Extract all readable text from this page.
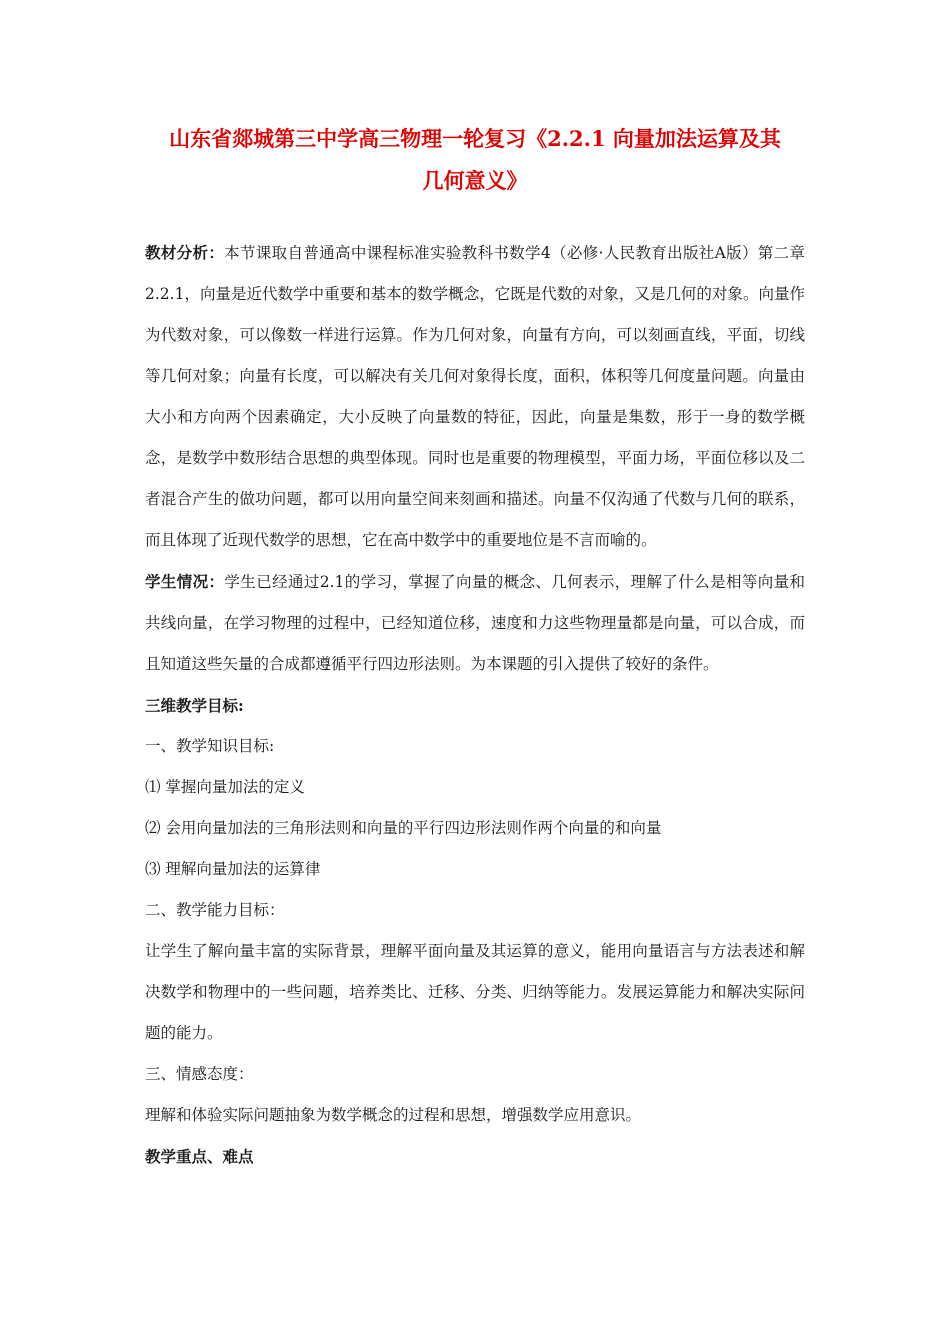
山东省郯城第三中学高三物理一轮复习《2.2.1 向量加法运算及其
几何意义》

教材分析：本节课取自普通高中课程标准实验教科书数学4（必修·人民教育出版社A版）第二章2.2.1，向量是近代数学中重要和基本的数学概念，它既是代数的对象，又是几何的对象。向量作为代数对象，可以像数一样进行运算。作为几何对象，向量有方向，可以刻画直线，平面，切线等几何对象；向量有长度，可以解决有关几何对象得长度，面积，体积等几何度量问题。向量由大小和方向两个因素确定，大小反映了向量数的特征，因此，向量是集数，形于一身的数学概念，是数学中数形结合思想的典型体现。同时也是重要的物理模型，平面力场，平面位移以及二者混合产生的做功问题，都可以用向量空间来刻画和描述。向量不仅沟通了代数与几何的联系，而且体现了近现代数学的思想，它在高中数学中的重要地位是不言而喻的。

学生情况：学生已经通过2.1的学习，掌握了向量的概念、几何表示，理解了什么是相等向量和共线向量，在学习物理的过程中，已经知道位移，速度和力这些物理量都是向量，可以合成，而且知道这些矢量的合成都遵循平行四边形法则。为本课题的引入提供了较好的条件。

三维教学目标:

一、教学知识目标:

⑴ 掌握向量加法的定义

⑵ 会用向量加法的三角形法则和向量的平行四边形法则作两个向量的和向量

⑶ 理解向量加法的运算律

二、教学能力目标：

让学生了解向量丰富的实际背景，理解平面向量及其运算的意义，能用向量语言与方法表述和解决数学和物理中的一些问题，培养类比、迁移、分类、归纳等能力。发展运算能力和解决实际问题的能力。

三、情感态度：

理解和体验实际问题抽象为数学概念的过程和思想，增强数学应用意识。

教学重点、难点
